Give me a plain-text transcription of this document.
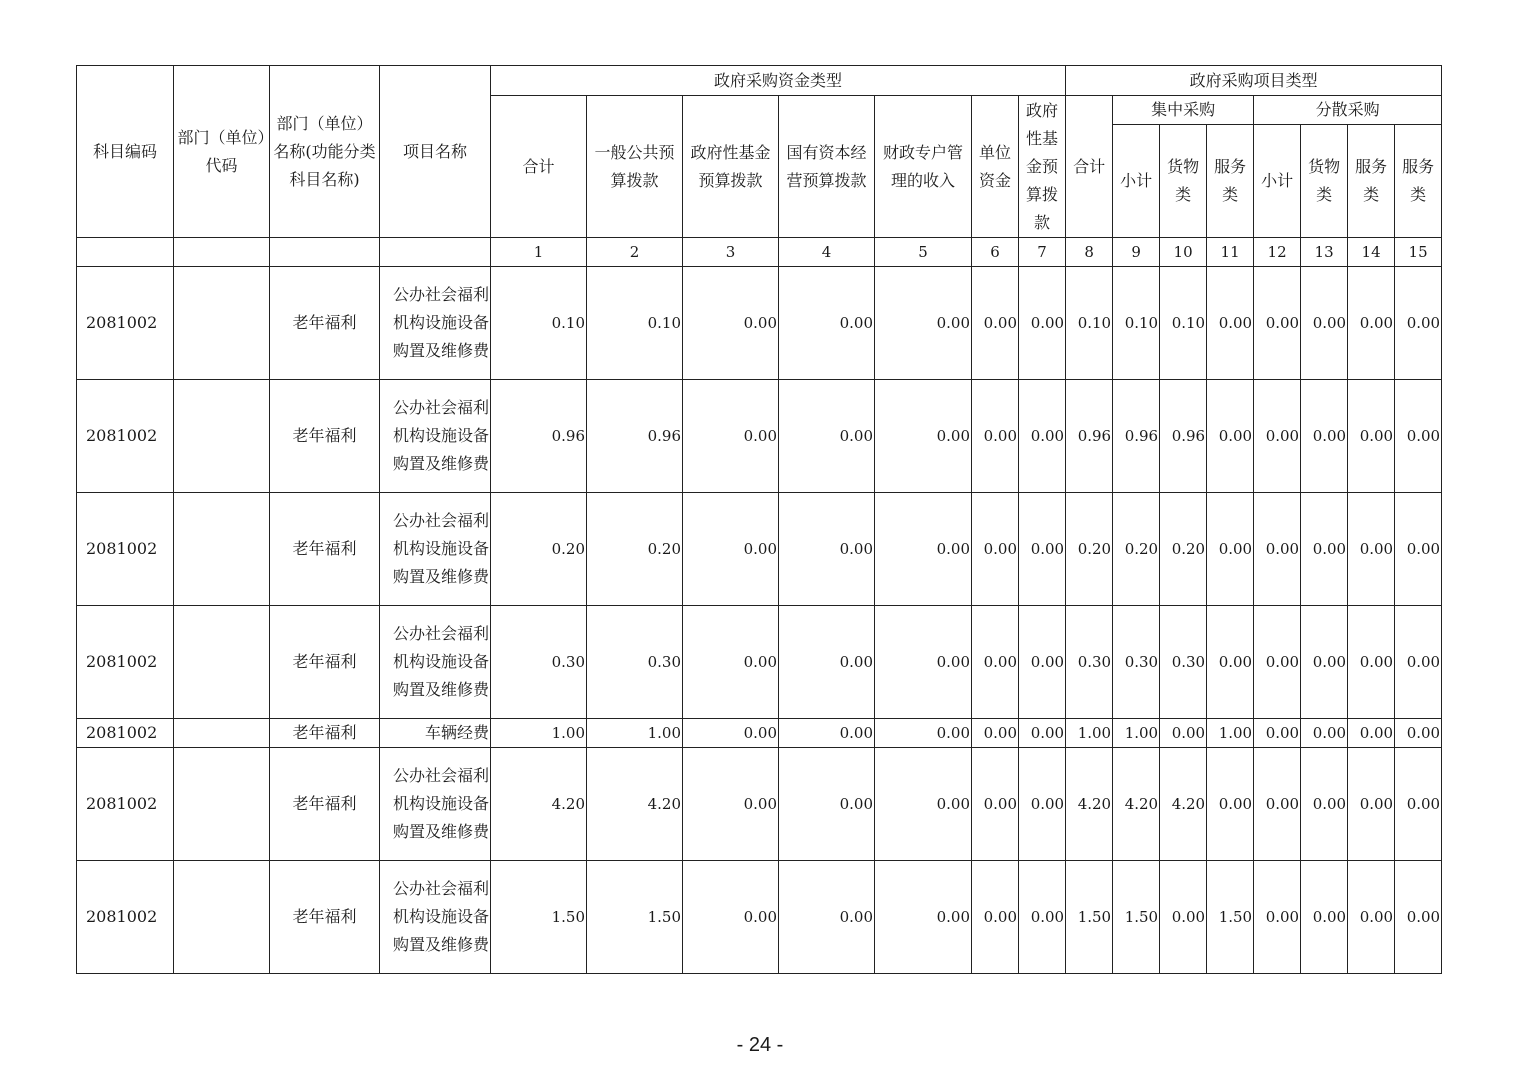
科目编码	部门（单位）代码	部门（单位）名称(功能分类科目名称)	项目名称	政府采购资金类型							政府采购项目类型							
				合计	一般公共预算拨款	政府性基金预算拨款	国有资本经营预算拨款	财政专户管理的收入	单位资金	政府性基金预算拨款	合计	集中采购			分散采购			
												小计	货物类	服务类	小计	货物类	服务类	服务类
				1	2	3	4	5	6	7	8	9	10	11	12	13	14	15
2081002		老年福利	公办社会福利机构设施设备购置及维修费	0.10	0.10	0.00	0.00	0.00	0.00	0.00	0.10	0.10	0.10	0.00	0.00	0.00	0.00	0.00
2081002		老年福利	公办社会福利机构设施设备购置及维修费	0.96	0.96	0.00	0.00	0.00	0.00	0.00	0.96	0.96	0.96	0.00	0.00	0.00	0.00	0.00
2081002		老年福利	公办社会福利机构设施设备购置及维修费	0.20	0.20	0.00	0.00	0.00	0.00	0.00	0.20	0.20	0.20	0.00	0.00	0.00	0.00	0.00
2081002		老年福利	公办社会福利机构设施设备购置及维修费	0.30	0.30	0.00	0.00	0.00	0.00	0.00	0.30	0.30	0.30	0.00	0.00	0.00	0.00	0.00
2081002		老年福利	车辆经费	1.00	1.00	0.00	0.00	0.00	0.00	0.00	1.00	1.00	0.00	1.00	0.00	0.00	0.00	0.00
2081002		老年福利	公办社会福利机构设施设备购置及维修费	4.20	4.20	0.00	0.00	0.00	0.00	0.00	4.20	4.20	4.20	0.00	0.00	0.00	0.00	0.00
2081002		老年福利	公办社会福利机构设施设备购置及维修费	1.50	1.50	0.00	0.00	0.00	0.00	0.00	1.50	1.50	0.00	1.50	0.00	0.00	0.00	0.00
- 24 -
